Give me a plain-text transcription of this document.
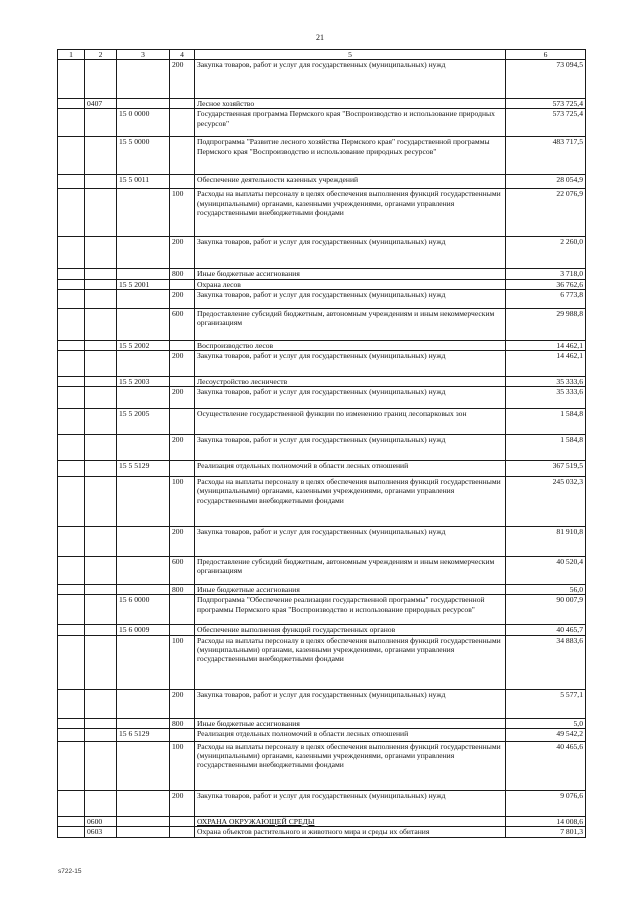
21
1	2	3	4	5	6
			200	Закупка товаров, работ и услуг для государственных (муниципальных) нужд	73 094,5
	0407			Лесное хозяйство	573 725,4
		15 0 0000		Государственная программа Пермского края "Воспроизводство и использование природных ресурсов"	573 725,4
		15 5 0000		Подпрограмма "Развитие лесного хозяйства Пермского края" государственной программы Пермского края "Воспроизводство и использование природных ресурсов"	483 717,5
		15 5 0011		Обеспечение деятельности казенных учреждений	28 054,9
			100	Расходы на выплаты персоналу в целях обеспечения выполнения функций государственными (муниципальными) органами, казенными учреждениями, органами управления государственными внебюджетными фондами	22 076,9
			200	Закупка товаров, работ и услуг для государственных (муниципальных) нужд	2 260,0
			800	Иные бюджетные ассигнования	3 718,0
		15 5 2001		Охрана лесов	36 762,6
			200	Закупка товаров, работ и услуг для государственных (муниципальных) нужд	6 773,8
			600	Предоставление субсидий бюджетным, автономным учреждениям и иным некоммерческим организациям	29 988,8
		15 5 2002		Воспроизводство лесов	14 462,1
			200	Закупка товаров, работ и услуг для государственных (муниципальных) нужд	14 462,1
		15 5 2003		Лесоустройство лесничеств	35 333,6
			200	Закупка товаров, работ и услуг для государственных (муниципальных) нужд	35 333,6
		15 5 2005		Осуществление государственной функции по изменению границ лесопарковых зон	1 584,8
			200	Закупка товаров, работ и услуг для государственных (муниципальных) нужд	1 584,8
		15 5 5129		Реализация отдельных полномочий в области лесных отношений	367 519,5
			100	Расходы на выплаты персоналу в целях обеспечения выполнения функций государственными (муниципальными) органами, казенными учреждениями, органами управления государственными внебюджетными фондами	245 032,3
			200	Закупка товаров, работ и услуг для государственных (муниципальных) нужд	81 910,8
			600	Предоставление субсидий бюджетным, автономным учреждениям и иным некоммерческим организациям	40 520,4
			800	Иные бюджетные ассигнования	56,0
		15 6 0000		Подпрограмма "Обеспечение реализации государственной программы" государственной программы Пермского края "Воспроизводство и использование природных ресурсов"	90 007,9
		15 6 0009		Обеспечение выполнения функций государственных органов	40 465,7
			100	Расходы на выплаты персоналу в целях обеспечения выполнения функций государственными (муниципальными) органами, казенными учреждениями, органами управления государственными внебюджетными фондами	34 883,6
			200	Закупка товаров, работ и услуг для государственных (муниципальных) нужд	5 577,1
			800	Иные бюджетные ассигнования	5,0
		15 6 5129		Реализация отдельных полномочий в области лесных отношений	49 542,2
			100	Расходы на выплаты персоналу в целях обеспечения выполнения функций государственными (муниципальными) органами, казенными учреждениями, органами управления государственными внебюджетными фондами	40 465,6
			200	Закупка товаров, работ и услуг для государственных (муниципальных) нужд	9 076,6
	0600			ОХРАНА ОКРУЖАЮЩЕЙ СРЕДЫ	14 008,6
	0603			Охрана объектов растительного и животного мира и среды их обитания	7 801,3
s722-15
